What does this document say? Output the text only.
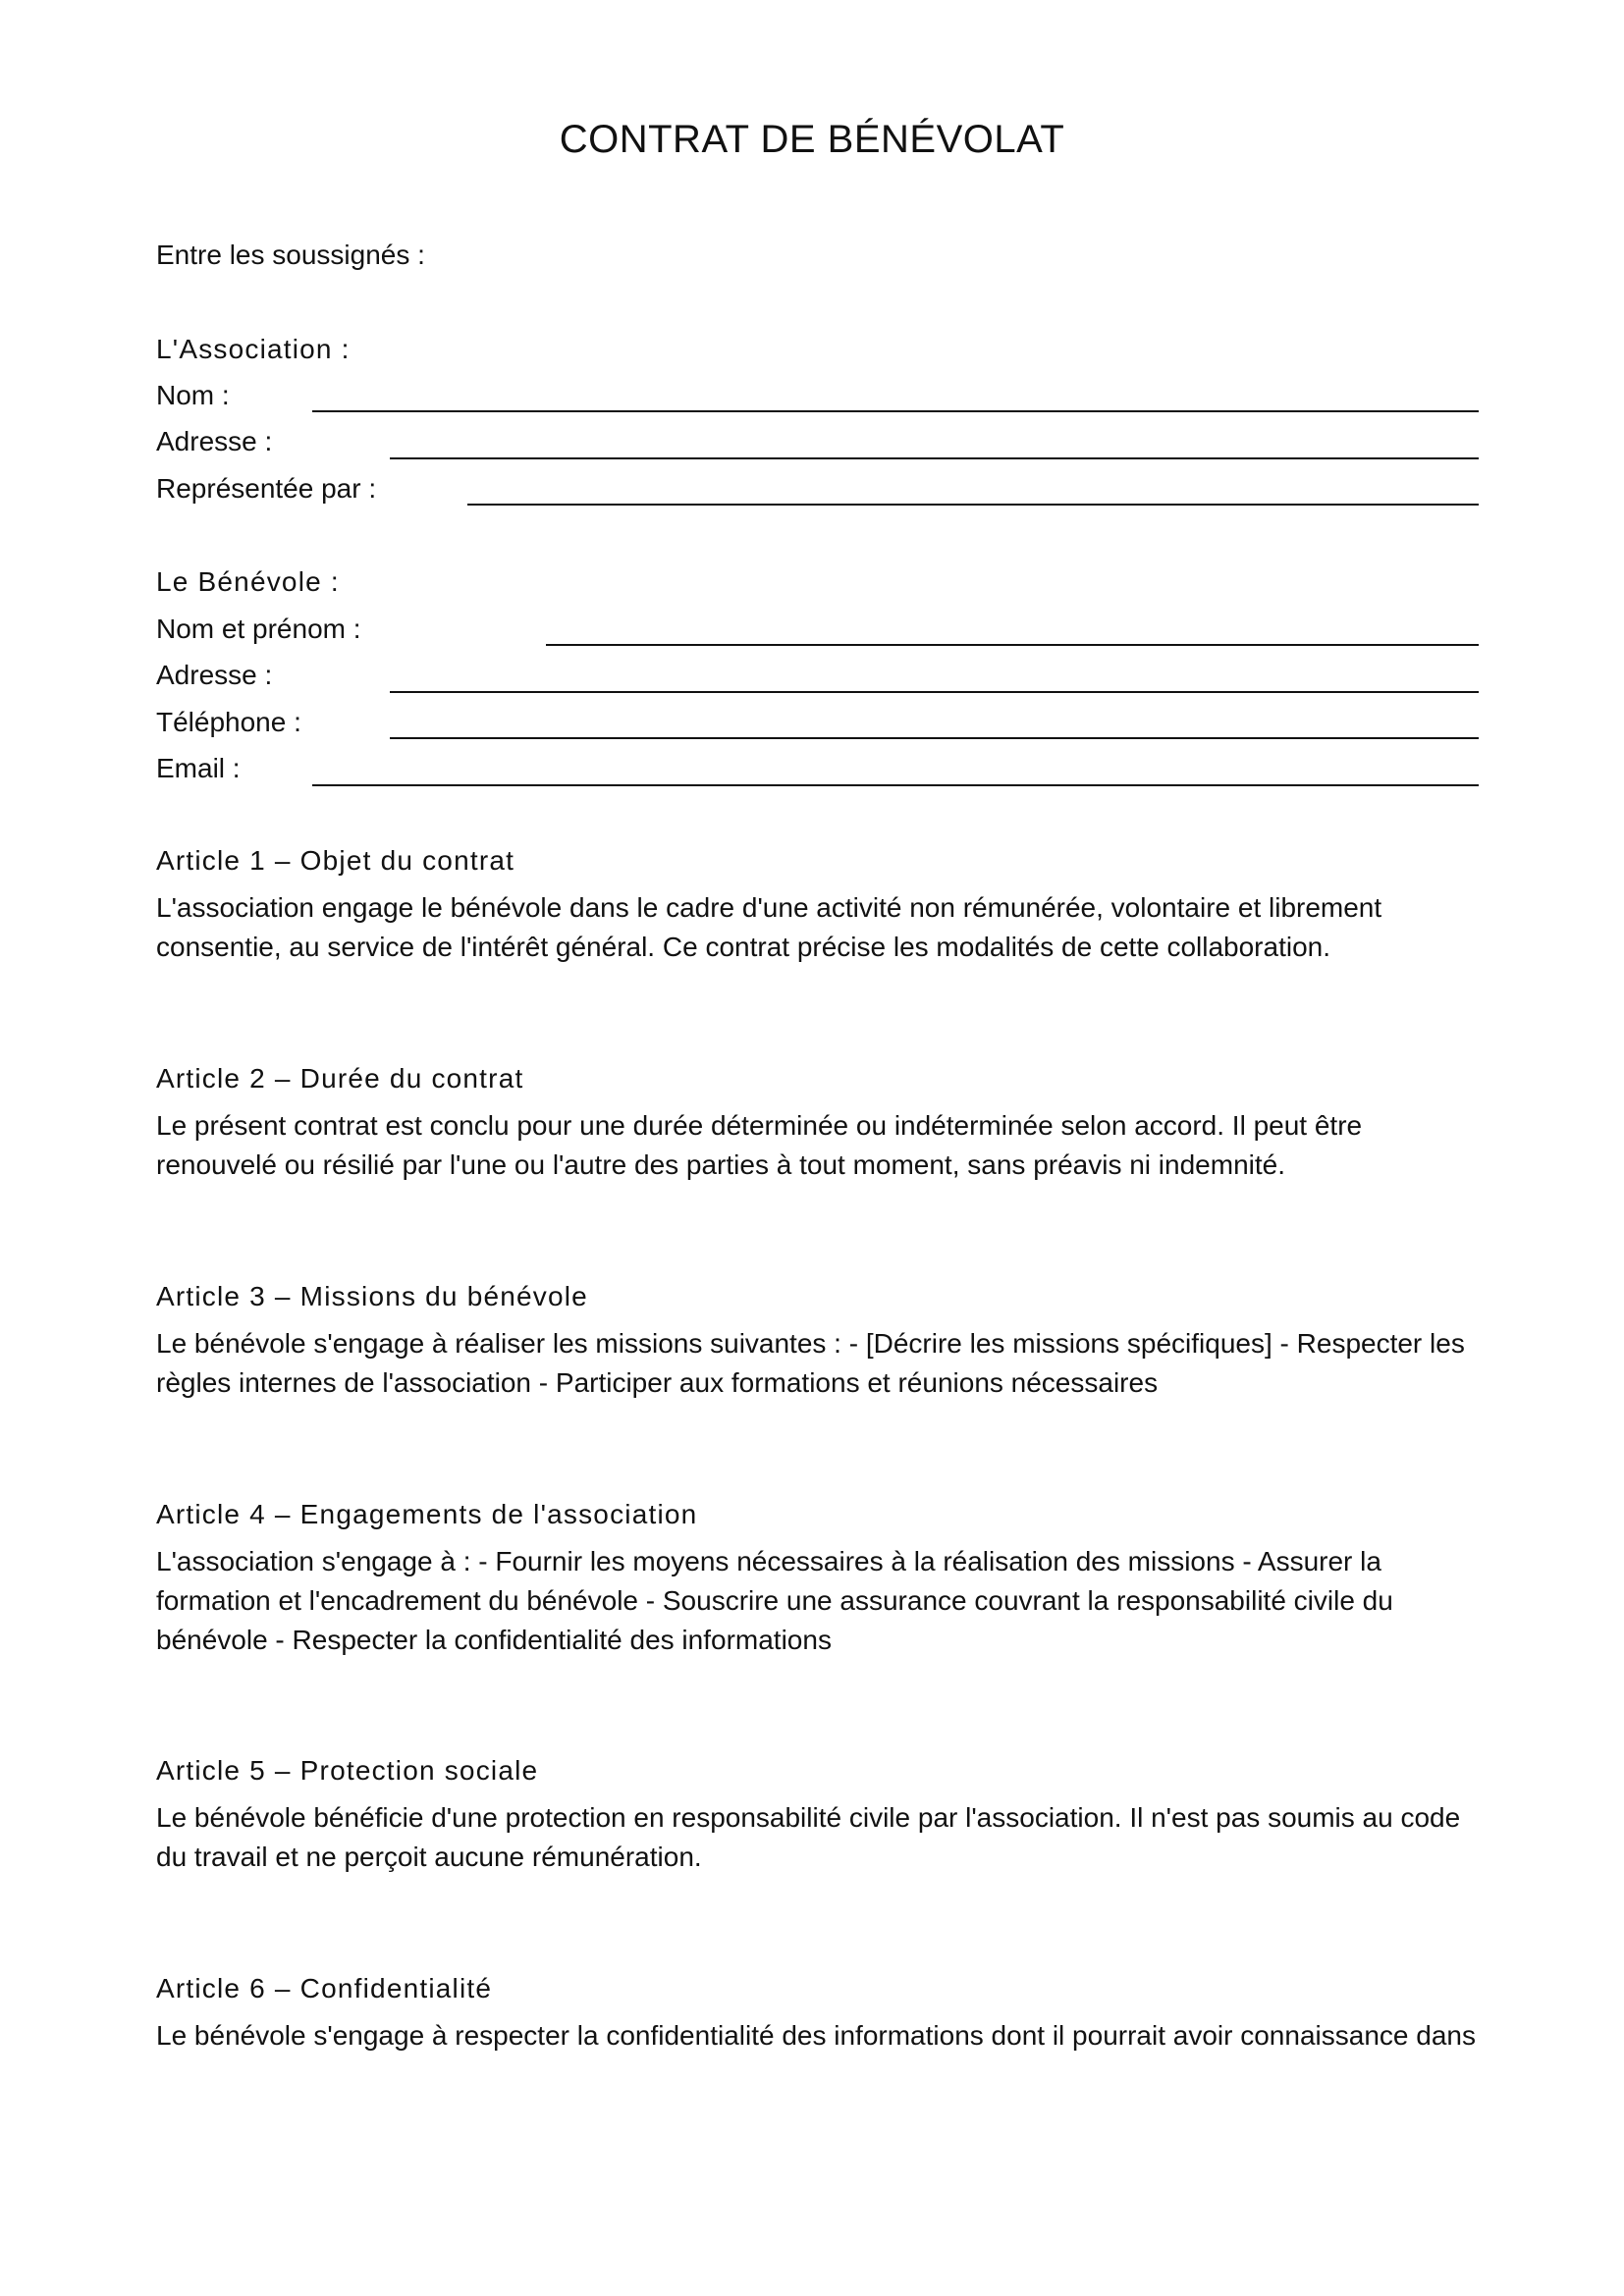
CONTRAT DE BÉNÉVOLAT
Entre les soussignés :
L'Association :
Nom :
Adresse :
Représentée par :
Le Bénévole :
Nom et prénom :
Adresse :
Téléphone :
Email :
Article 1 – Objet du contrat
L'association engage le bénévole dans le cadre d'une activité non rémunérée, volontaire et librement
consentie, au service de l'intérêt général. Ce contrat précise les modalités de cette collaboration.
Article 2 – Durée du contrat
Le présent contrat est conclu pour une durée déterminée ou indéterminée selon accord. Il peut être
renouvelé ou résilié par l'une ou l'autre des parties à tout moment, sans préavis ni indemnité.
Article 3 – Missions du bénévole
Le bénévole s'engage à réaliser les missions suivantes : - [Décrire les missions spécifiques] - Respecter les
règles internes de l'association - Participer aux formations et réunions nécessaires
Article 4 – Engagements de l'association
L'association s'engage à : - Fournir les moyens nécessaires à la réalisation des missions - Assurer la
formation et l'encadrement du bénévole - Souscrire une assurance couvrant la responsabilité civile du
bénévole - Respecter la confidentialité des informations
Article 5 – Protection sociale
Le bénévole bénéficie d'une protection en responsabilité civile par l'association. Il n'est pas soumis au code
du travail et ne perçoit aucune rémunération.
Article 6 – Confidentialité
Le bénévole s'engage à respecter la confidentialité des informations dont il pourrait avoir connaissance dans
